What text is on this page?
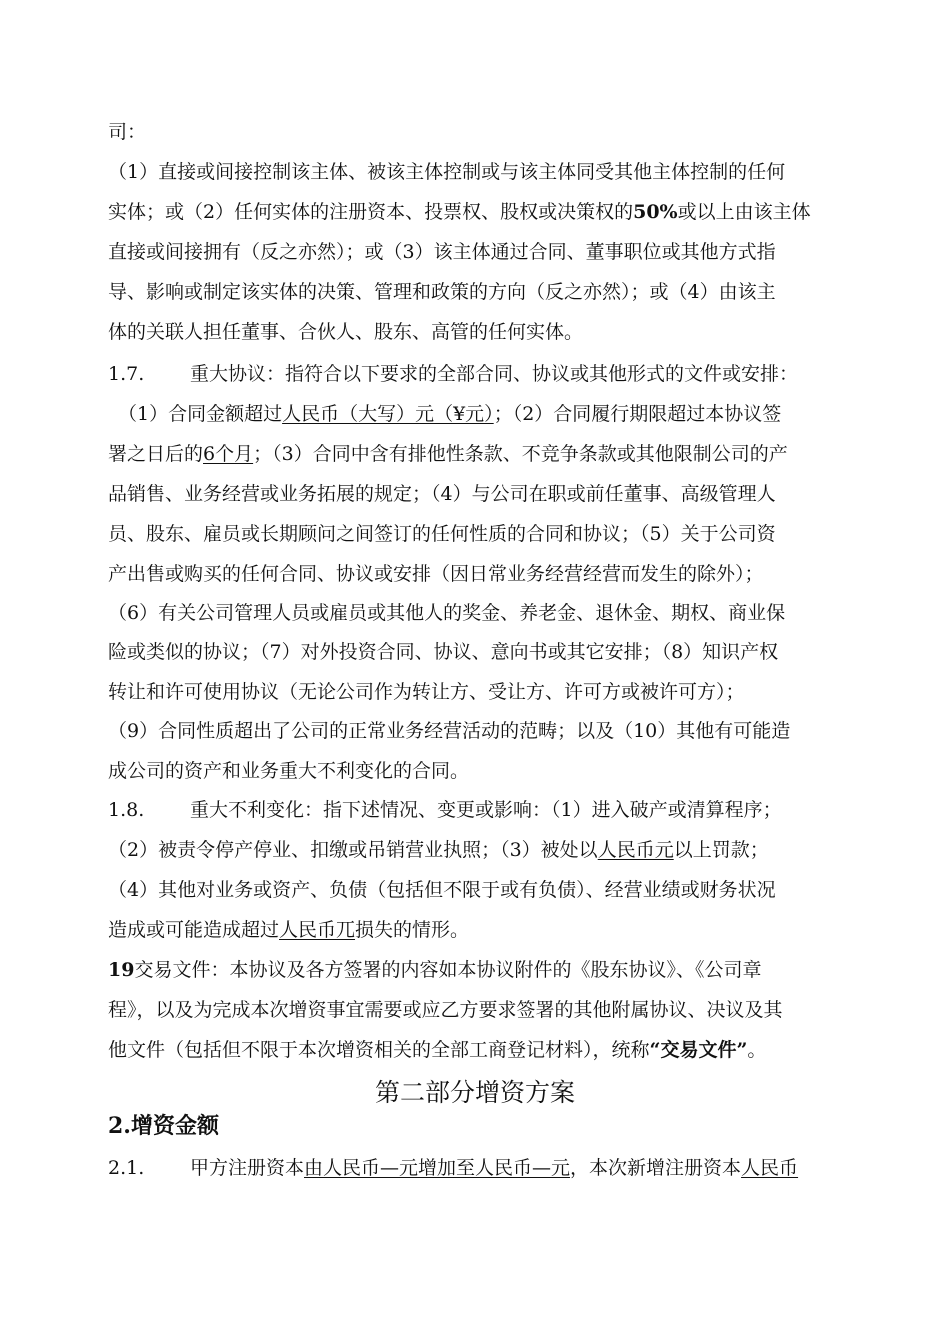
司：
（1）直接或间接控制该主体、被该主体控制或与该主体同受其他主体控制的任何
实体；或（2）任何实体的注册资本、投票权、股权或决策权的50%或以上由该主体
直接或间接拥有（反之亦然）；或（3）该主体通过合同、董事职位或其他方式指
导、影响或制定该实体的决策、管理和政策的方向（反之亦然）；或（4）由该主
体的关联人担任董事、合伙人、股东、高管的任何实体。
1.7. 重大协议：指符合以下要求的全部合同、协议或其他形式的文件或安排：
（1）合同金额超过人民币（大写）元（¥元）；（2）合同履行期限超过本协议签
署之日后的6个月；（3）合同中含有排他性条款、不竞争条款或其他限制公司的产
品销售、业务经营或业务拓展的规定；（4）与公司在职或前任董事、高级管理人
员、股东、雇员或长期顾问之间签订的任何性质的合同和协议；（5）关于公司资
产出售或购买的任何合同、协议或安排（因日常业务经营经营而发生的除外）；
（6）有关公司管理人员或雇员或其他人的奖金、养老金、退休金、期权、商业保
险或类似的协议；（7）对外投资合同、协议、意向书或其它安排；（8）知识产权
转让和许可使用协议（无论公司作为转让方、受让方、许可方或被许可方）；
（9）合同性质超出了公司的正常业务经营活动的范畴；以及（10）其他有可能造
成公司的资产和业务重大不利变化的合同。
1.8. 重大不利变化：指下述情况、变更或影响：（1）进入破产或清算程序；
（2）被责令停产停业、扣缴或吊销营业执照；（3）被处以人民币元以上罚款；
（4）其他对业务或资产、负债（包括但不限于或有负债）、经营业绩或财务状况
造成或可能造成超过人民币兀损失的情形。
19交易文件：本协议及各方签署的内容如本协议附件的《股东协议》、《公司章
程》，以及为完成本次增资事宜需要或应乙方要求签署的其他附属协议、决议及其
他文件（包括但不限于本次增资相关的全部工商登记材料），统称“交易文件”。
第二部分增资方案
2.增资金额
2.1. 甲方注册资本由人民币—元增加至人民币—元，本次新增注册资本人民币
